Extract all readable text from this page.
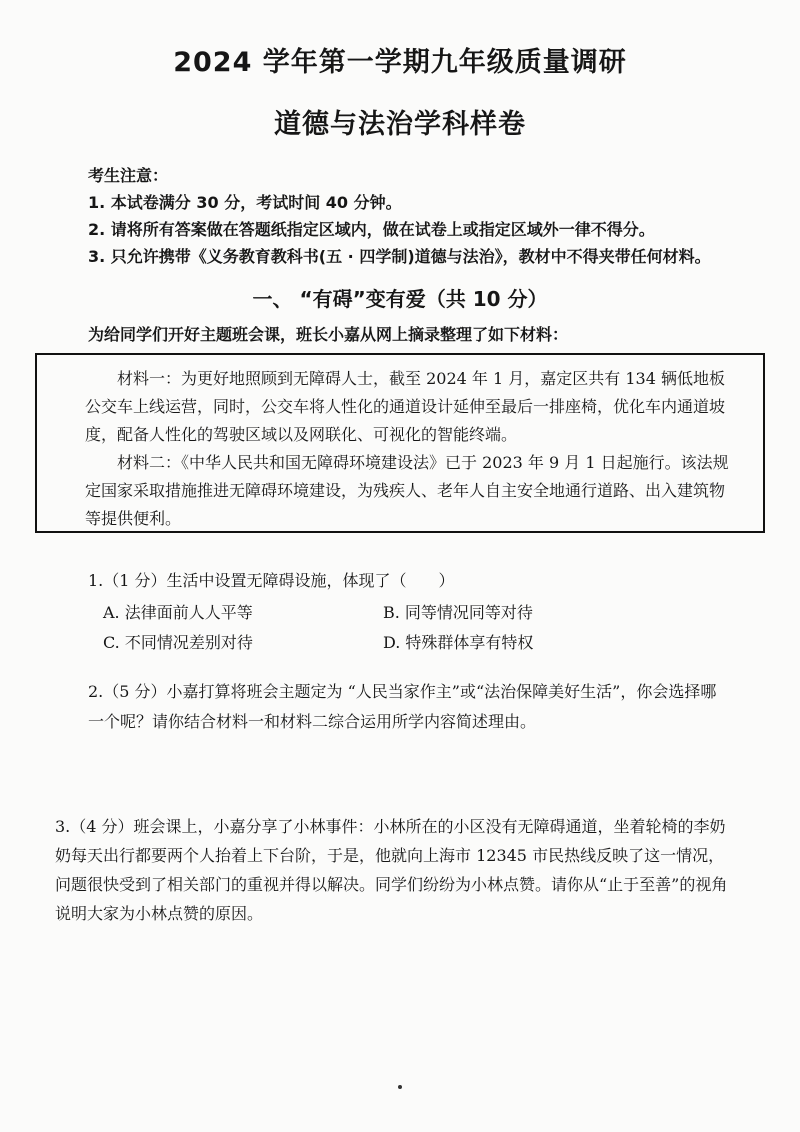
2024 学年第一学期九年级质量调研
道德与法治学科样卷
考生注意：
1. 本试卷满分 30 分，考试时间 40 分钟。
2. 请将所有答案做在答题纸指定区域内，做在试卷上或指定区域外一律不得分。
3. 只允许携带《义务教育教科书(五 · 四学制)道德与法治》，教材中不得夹带任何材料。
一、 “有碍”变有爱（共 10 分）
为给同学们开好主题班会课，班长小嘉从网上摘录整理了如下材料：

材料一：为更好地照顾到无障碍人士，截至 2024 年 1 月，嘉定区共有 134 辆低地板公交车上线运营，同时，公交车将人性化的通道设计延伸至最后一排座椅，优化车内通道坡度，配备人性化的驾驶区域以及网联化、可视化的智能终端。

材料二：《中华人民共和国无障碍环境建设法》已于 2023 年 9 月 1 日起施行。该法规定国家采取措施推进无障碍环境建设，为残疾人、老年人自主安全地通行道路、出入建筑物等提供便利。

1.（1 分）生活中设置无障碍设施，体现了（　　）
A. 法律面前人人平等	B. 同等情况同等对待
C. 不同情况差别对待	D. 特殊群体享有特权
2.（5 分）小嘉打算将班会主题定为 “人民当家作主”或“法治保障美好生活”，你会选择哪一个呢？请你结合材料一和材料二综合运用所学内容简述理由。
3.（4 分）班会课上，小嘉分享了小林事件：小林所在的小区没有无障碍通道，坐着轮椅的李奶奶每天出行都要两个人抬着上下台阶，于是，他就向上海市 12345 市民热线反映了这一情况，问题很快受到了相关部门的重视并得以解决。同学们纷纷为小林点赞。请你从“止于至善”的视角说明大家为小林点赞的原因。
